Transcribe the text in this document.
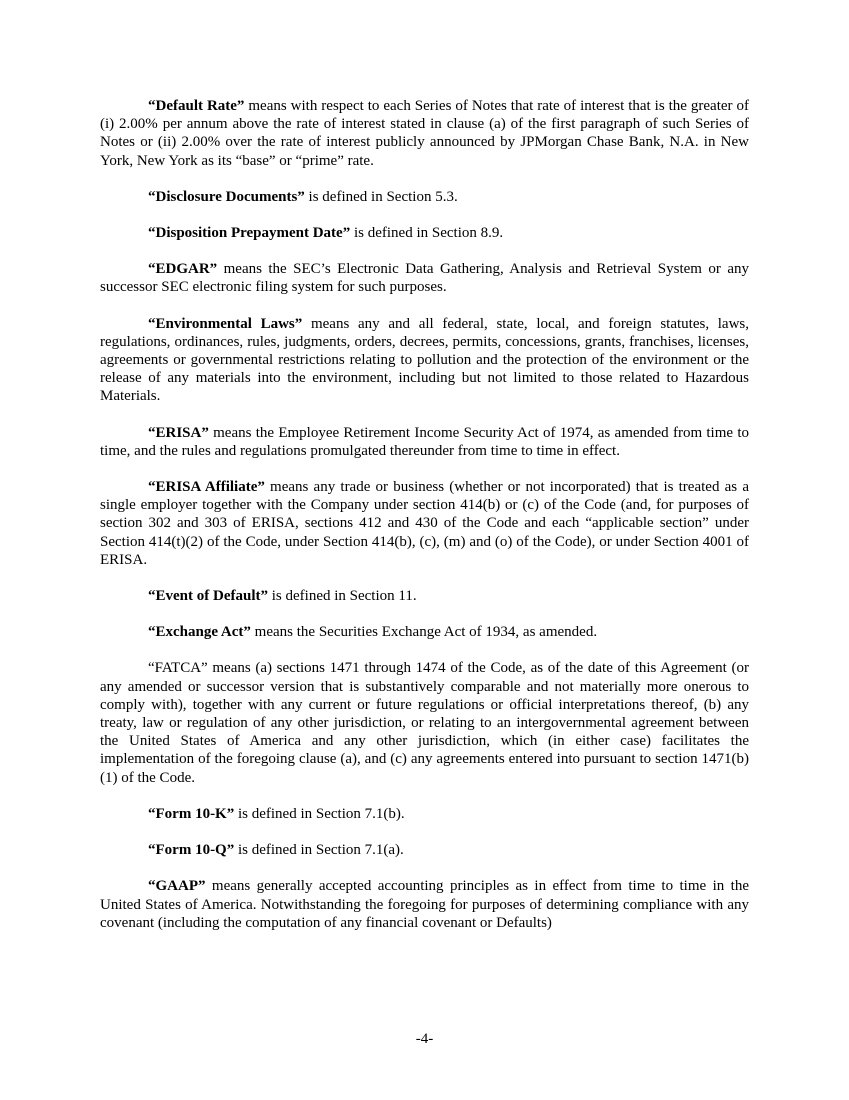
“Default Rate” means with respect to each Series of Notes that rate of interest that is the greater of (i) 2.00% per annum above the rate of interest stated in clause (a) of the first paragraph of such Series of Notes or (ii) 2.00% over the rate of interest publicly announced by JPMorgan Chase Bank, N.A. in New York, New York as its “base” or “prime” rate.

“Disclosure Documents” is defined in Section 5.3.

“Disposition Prepayment Date” is defined in Section 8.9.

“EDGAR” means the SEC’s Electronic Data Gathering, Analysis and Retrieval System or any successor SEC electronic filing system for such purposes.

“Environmental Laws” means any and all federal, state, local, and foreign statutes, laws, regulations, ordinances, rules, judgments, orders, decrees, permits, concessions, grants, franchises, licenses, agreements or governmental restrictions relating to pollution and the protection of the environment or the release of any materials into the environment, including but not limited to those related to Hazardous Materials.

“ERISA” means the Employee Retirement Income Security Act of 1974, as amended from time to time, and the rules and regulations promulgated thereunder from time to time in effect.

“ERISA Affiliate” means any trade or business (whether or not incorporated) that is treated as a single employer together with the Company under section 414(b) or (c) of the Code (and, for purposes of section 302 and 303 of ERISA, sections 412 and 430 of the Code and each “applicable section” under Section 414(t)(2) of the Code, under Section 414(b), (c), (m) and (o) of the Code), or under Section 4001 of ERISA.

“Event of Default” is defined in Section 11.

“Exchange Act” means the Securities Exchange Act of 1934, as amended.

“FATCA” means (a) sections 1471 through 1474 of the Code, as of the date of this Agreement (or any amended or successor version that is substantively comparable and not materially more onerous to comply with), together with any current or future regulations or official interpretations thereof, (b) any treaty, law or regulation of any other jurisdiction, or relating to an intergovernmental agreement between the United States of America and any other jurisdiction, which (in either case) facilitates the implementation of the foregoing clause (a), and (c) any agreements entered into pursuant to section 1471(b)(1) of the Code.

“Form 10-K” is defined in Section 7.1(b).

“Form 10-Q” is defined in Section 7.1(a).

“GAAP” means generally accepted accounting principles as in effect from time to time in the United States of America. Notwithstanding the foregoing for purposes of determining compliance with any covenant (including the computation of any financial covenant or Defaults)

-4-
